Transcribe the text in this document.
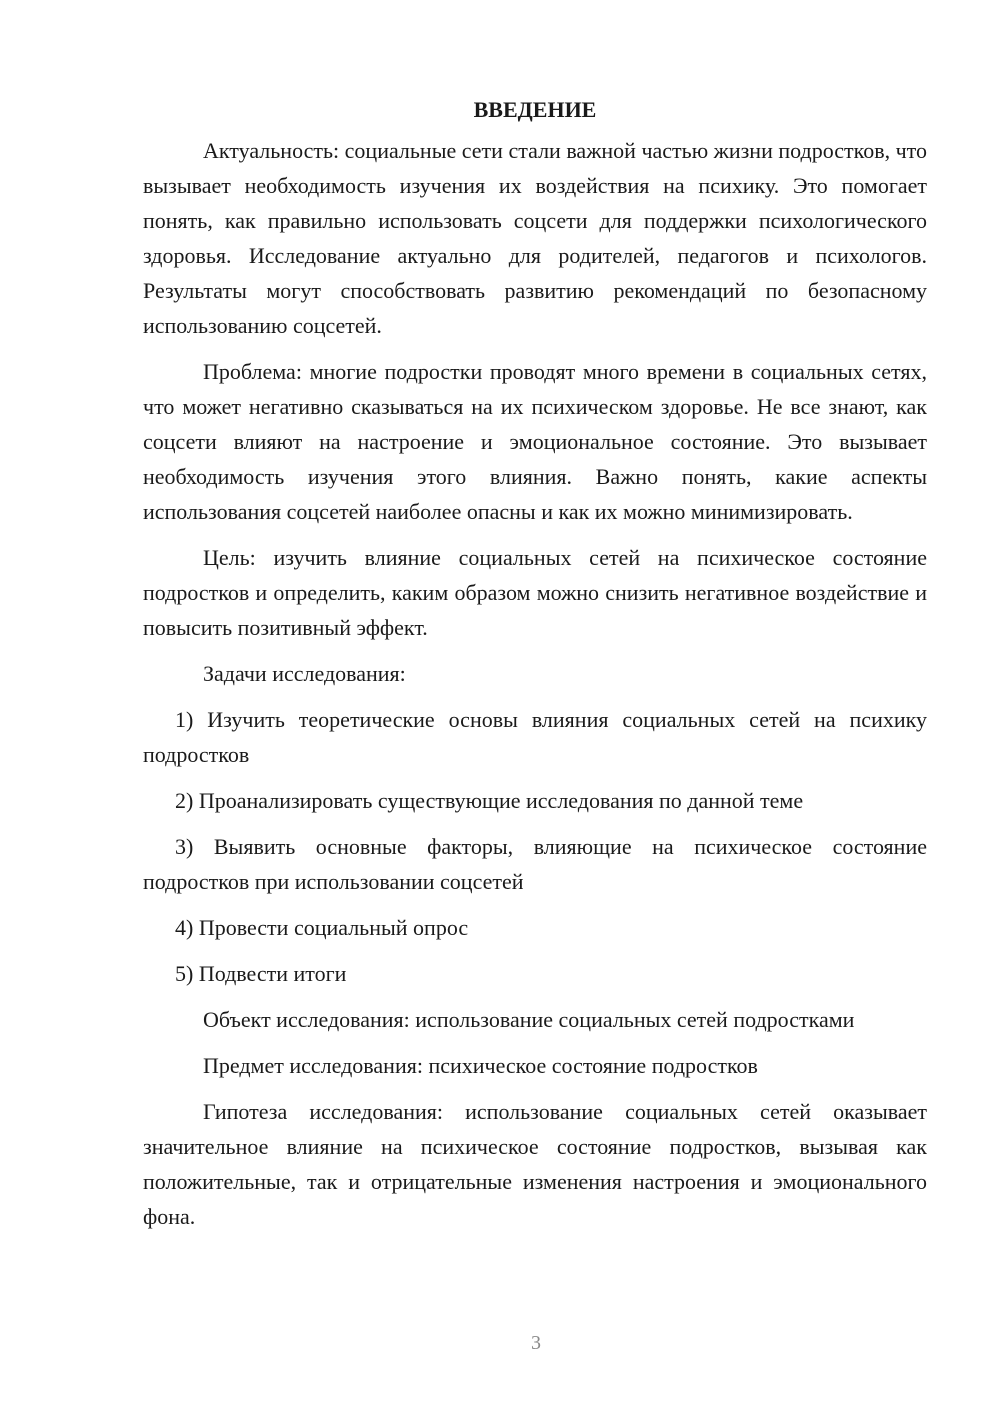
ВВЕДЕНИЕ

Актуальность: социальные сети стали важной частью жизни подростков, что вызывает необходимость изучения их воздействия на психику. Это помогает понять, как правильно использовать соцсети для поддержки психологического здоровья. Исследование актуально для родителей, педагогов и психологов. Результаты могут способствовать развитию рекомендаций по безопасному использованию соцсетей.

Проблема: многие подростки проводят много времени в социальных сетях, что может негативно сказываться на их психическом здоровье. Не все знают, как соцсети влияют на настроение и эмоциональное состояние. Это вызывает необходимость изучения этого влияния. Важно понять, какие аспекты использования соцсетей наиболее опасны и как их можно минимизировать.

Цель: изучить влияние социальных сетей на психическое состояние подростков и определить, каким образом можно снизить негативное воздействие и повысить позитивный эффект.

Задачи исследования:

1) Изучить теоретические основы влияния социальных сетей на психику подростков

2) Проанализировать существующие исследования по данной теме

3) Выявить основные факторы, влияющие на психическое состояние подростков при использовании соцсетей

4) Провести социальный опрос

5) Подвести итоги

Объект исследования: использование социальных сетей подростками

Предмет исследования: психическое состояние подростков

Гипотеза исследования: использование социальных сетей оказывает значительное влияние на психическое состояние подростков, вызывая как положительные, так и отрицательные изменения настроения и эмоционального фона.

3
